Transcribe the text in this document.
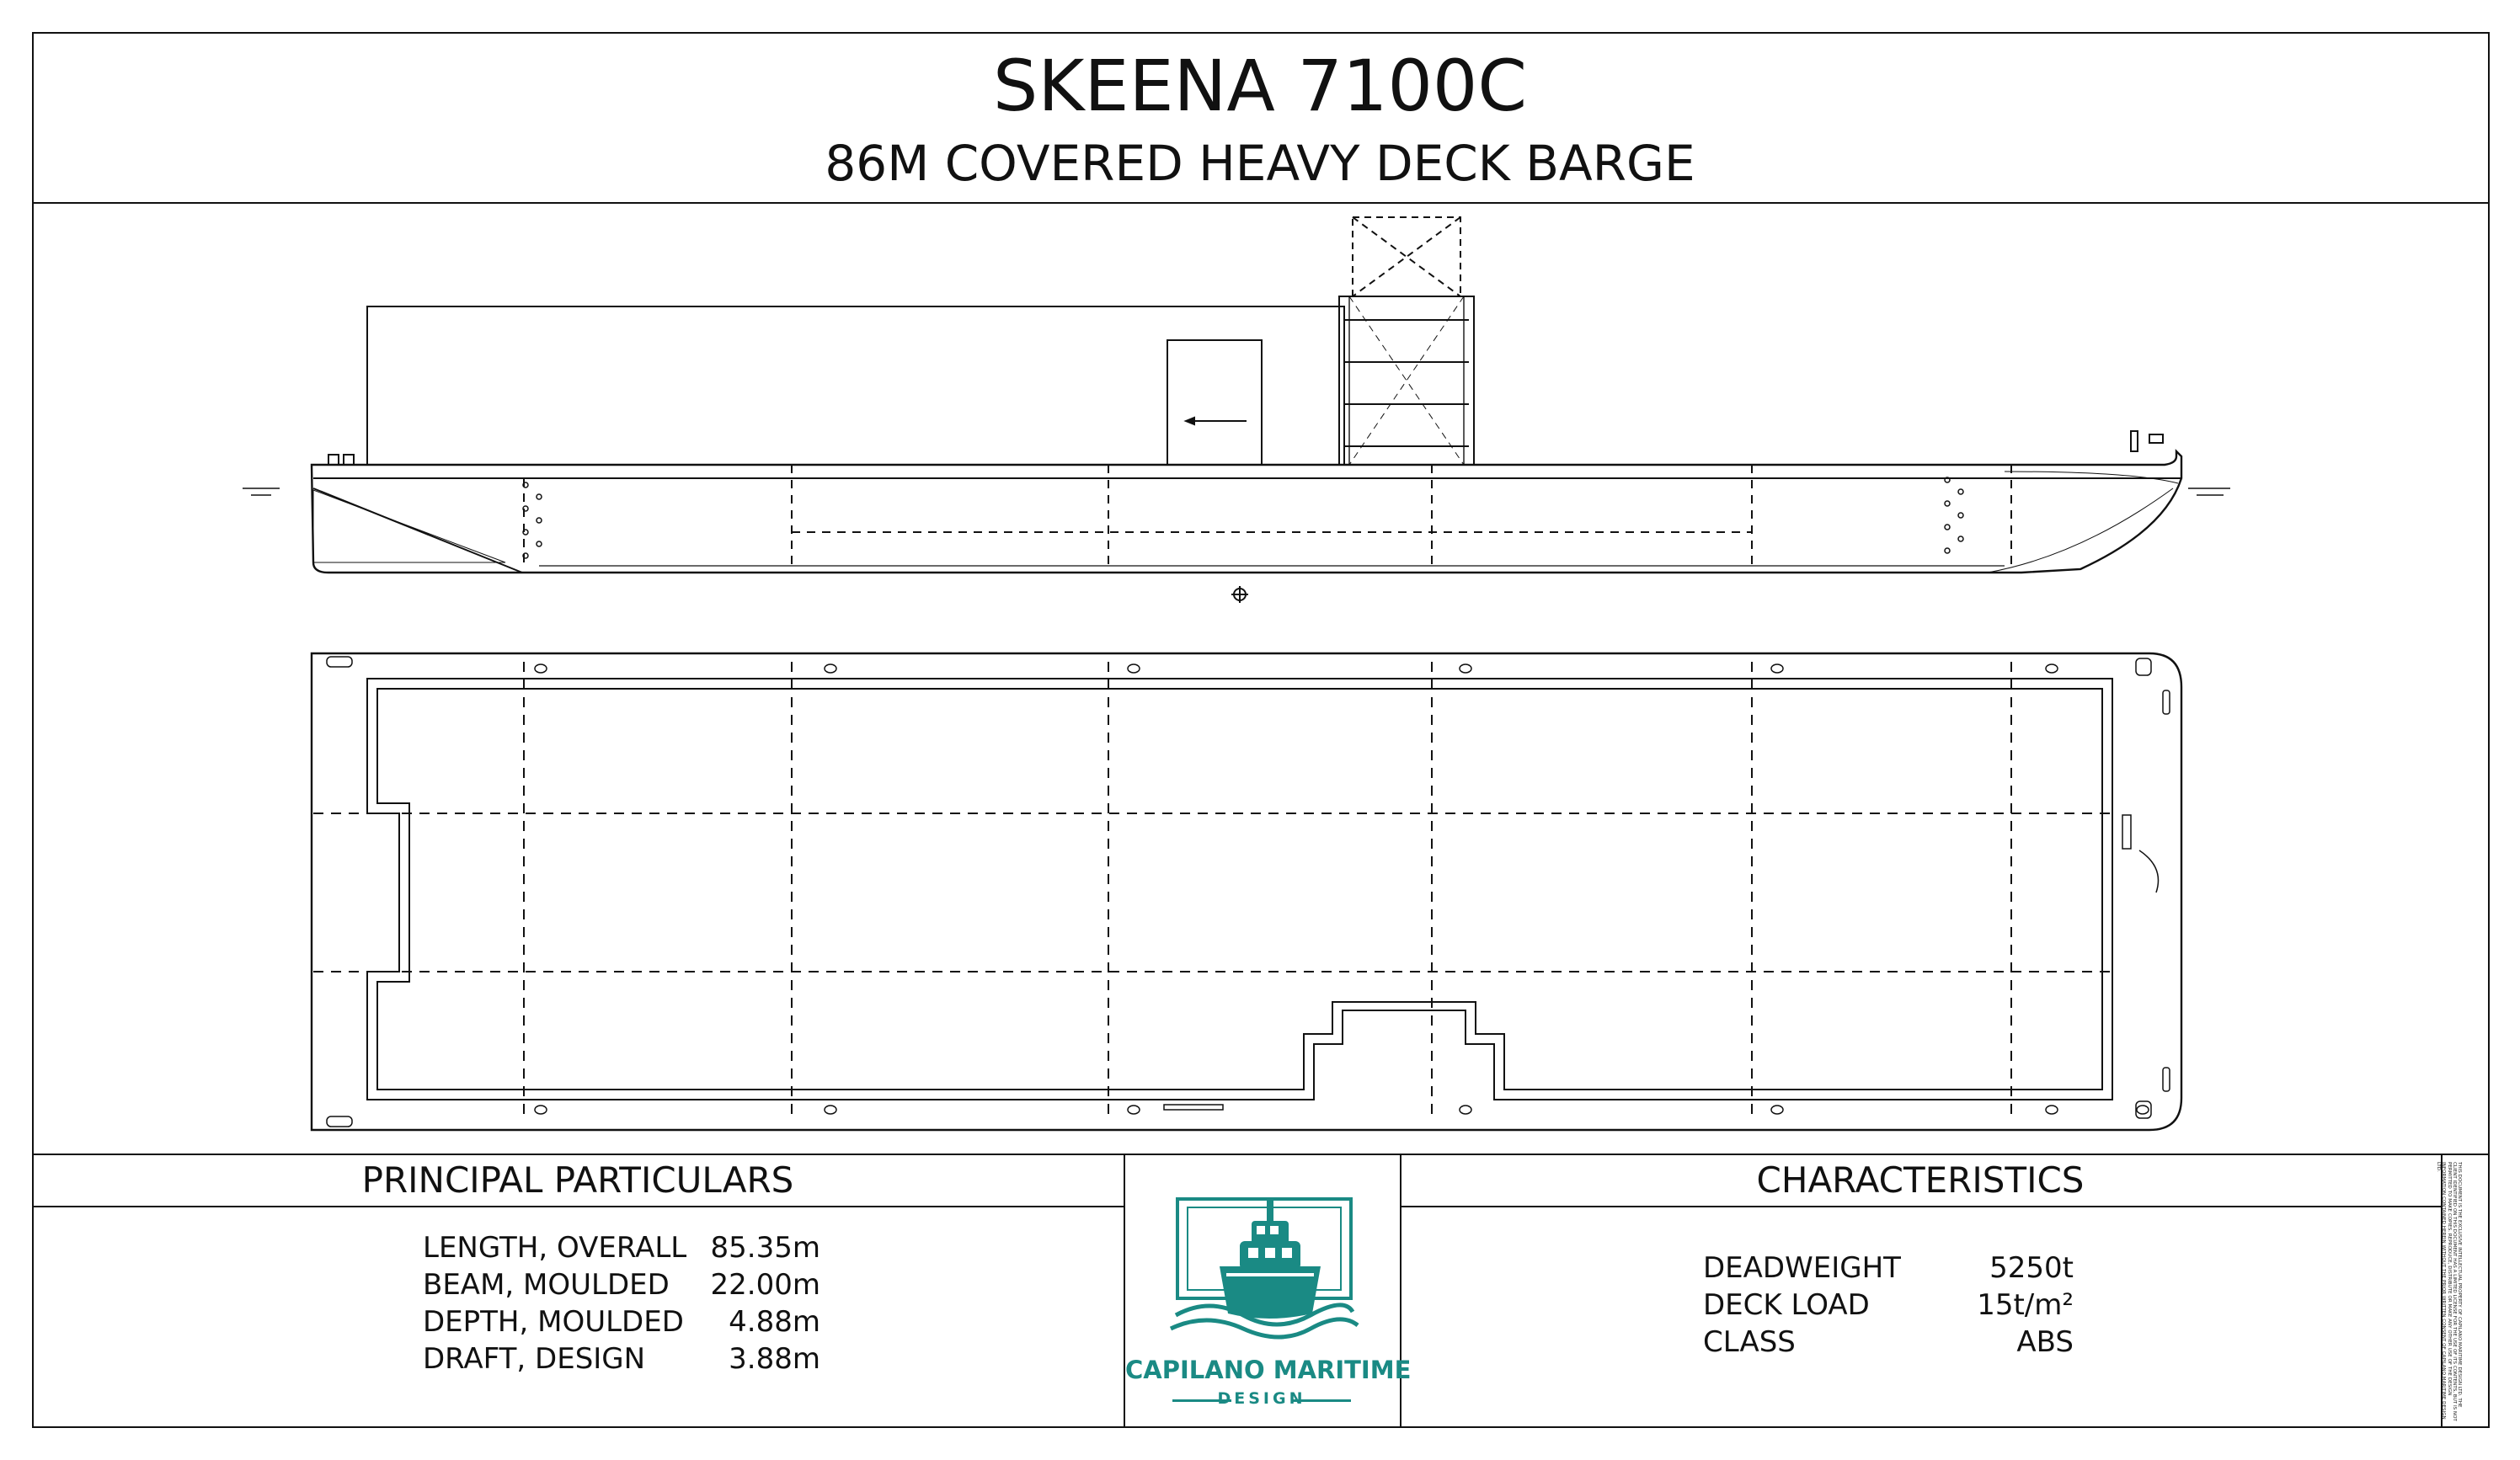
SKEENA 7100C
86M COVERED HEAVY DECK BARGE
PRINCIPAL PARTICULARS
LENGTH, OVERALL 85.35m
BEAM, MOULDED	22.00m
DEPTH, MOULDED	4.88m
DRAFT, DESIGN	3.88m	CAPILANO MARITIME
DESIGN
CHARACTERISTICS
DEADWEIGHT	5250t
DECK LOAD	15t/m²
CLASS	ABS	THIS DOCUMENT IS THE EXCLUSIVE INTELLECTUAL PROPERTY OF CAPILANO MARITIME DESIGN LTD. THE CLIENT IDENTIFIED ON THIS DOCUMENT HAS A LIMITED LICENSE FOR THE USE OF ITS CONTENTS, BUT IS NOT PERMITTED TO MAKE COPIES. REPRODUCE, DISTRIBUTE OR MAKE ANY OTHER USE OF THE DESIGN INFORMATION CONTAINED HEREIN WITHOUT THE PRIOR WRITTEN CONSENT OF CAPILANO MARITIME DESIGN LTD.
